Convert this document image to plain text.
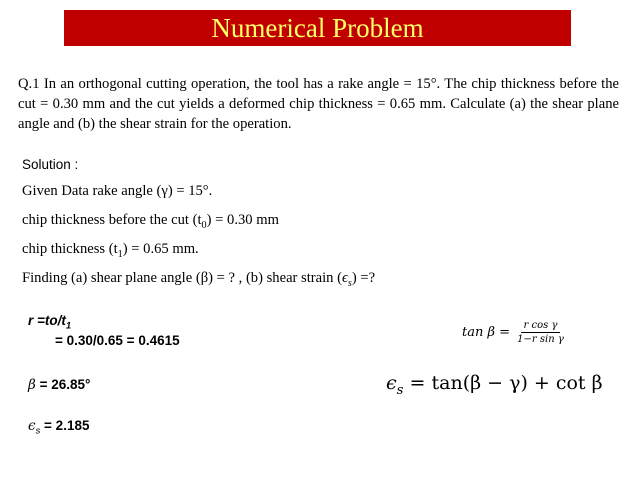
Numerical Problem
Q.1 In an orthogonal cutting operation, the tool has a rake angle = 15°. The chip thickness before the cut = 0.30 mm and the cut yields a deformed chip thickness = 0.65 mm. Calculate (a) the shear plane angle and (b) the shear strain for the operation.
Solution :
Given Data rake angle (γ) = 15°.
chip thickness before the cut $(t_0) = 0.30$ mm
chip thickness $(t_1) = 0.65$ mm.
Finding (a) shear plane angle (β) = ? , (b) shear strain $(\epsilon_s)$ =?
$r =to/t_1$
= 0.30/0.65 = 0.4615
β = 26.85°
$\epsilon_s = 2.185$
$\tan \beta = \frac{\text{r cos γ}}{\text{1−r sin γ}}$
$\epsilon_s = \tan(\beta - \gamma) + \cot \beta$
